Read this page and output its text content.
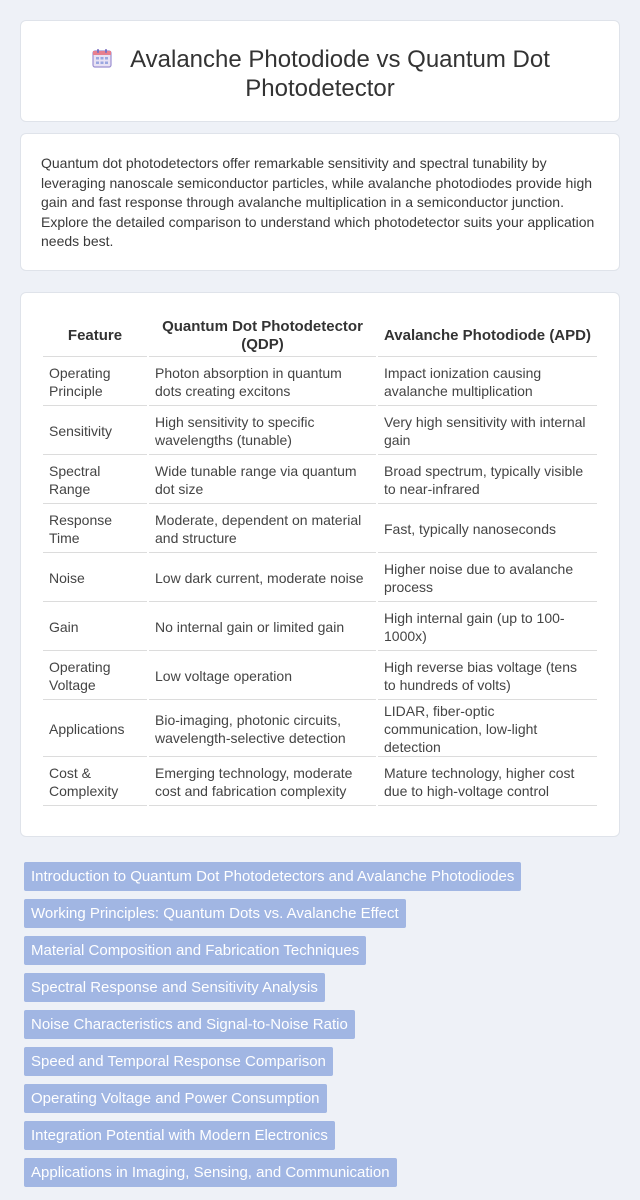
Avalanche Photodiode vs Quantum Dot
Photodetector

Quantum dot photodetectors offer remarkable sensitivity and spectral tunability by leveraging nanoscale semiconductor particles, while avalanche photodiodes provide high gain and fast response through avalanche multiplication in a semiconductor junction. Explore the detailed comparison to understand which photodetector suits your application needs best.

Feature	Quantum Dot Photodetector (QDP)	Avalanche Photodiode (APD)
Operating Principle	Photon absorption in quantum dots creating excitons	Impact ionization causing avalanche multiplication
Sensitivity	High sensitivity to specific wavelengths (tunable)	Very high sensitivity with internal gain
Spectral Range	Wide tunable range via quantum dot size	Broad spectrum, typically visible to near-infrared
Response Time	Moderate, dependent on material and structure	Fast, typically nanoseconds
Noise	Low dark current, moderate noise	Higher noise due to avalanche process
Gain	No internal gain or limited gain	High internal gain (up to 100-1000x)
Operating Voltage	Low voltage operation	High reverse bias voltage (tens to hundreds of volts)
Applications	Bio-imaging, photonic circuits, wavelength-selective detection	LIDAR, fiber-optic communication, low-light detection
Cost & Complexity	Emerging technology, moderate cost and fabrication complexity	Mature technology, higher cost due to high-voltage control
Introduction to Quantum Dot Photodetectors and Avalanche Photodiodes
Working Principles: Quantum Dots vs. Avalanche Effect
Material Composition and Fabrication Techniques
Spectral Response and Sensitivity Analysis
Noise Characteristics and Signal-to-Noise Ratio
Speed and Temporal Response Comparison
Operating Voltage and Power Consumption
Integration Potential with Modern Electronics
Applications in Imaging, Sensing, and Communication
